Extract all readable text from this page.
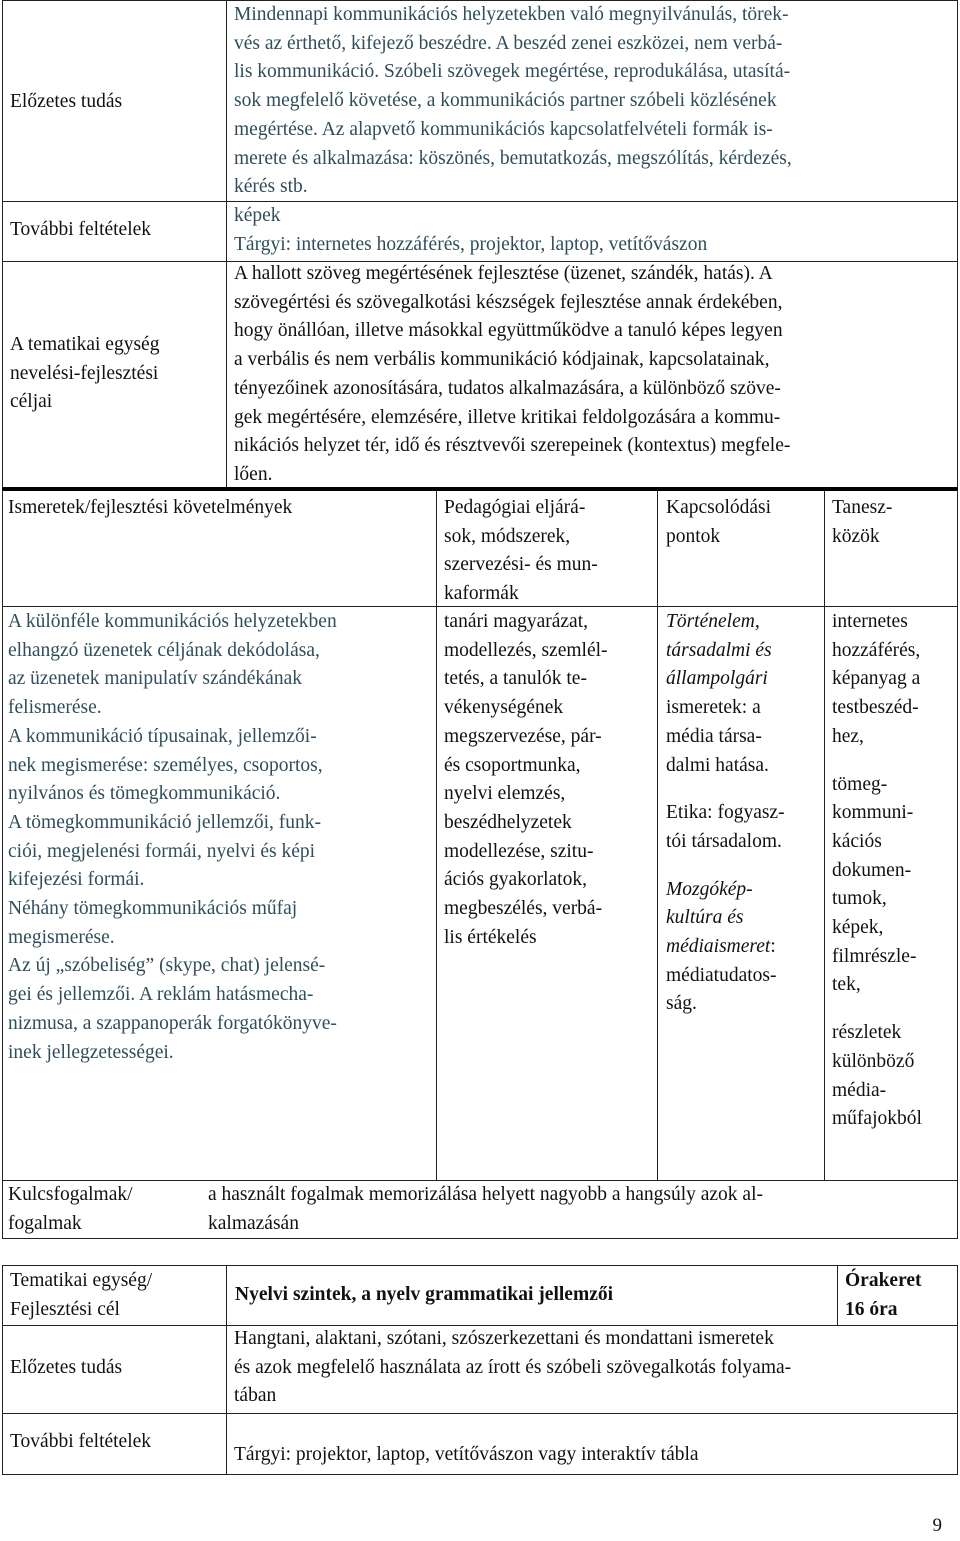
Előzetes tudás
Mindennapi kommunikációs helyzetekben való megnyilvánulás, törek-
vés az érthető, kifejező beszédre. A beszéd zenei eszközei, nem verbá-
lis kommunikáció. Szóbeli szövegek megértése, reprodukálása, utasítá-
sok megfelelő követése, a kommunikációs partner szóbeli közlésének
megértése. Az alapvető kommunikációs kapcsolatfelvételi formák is-
merete és alkalmazása: köszönés, bemutatkozás, megszólítás, kérdezés,
kérés stb.
További feltételek
képek
Tárgyi: internetes hozzáférés, projektor, laptop, vetítővászon
A tematikai egység
nevelési-fejlesztési
céljai
A hallott szöveg megértésének fejlesztése (üzenet, szándék, hatás). A
szövegértési és szövegalkotási készségek fejlesztése annak érdekében,
hogy önállóan, illetve másokkal együttműködve a tanuló képes legyen
a verbális és nem verbális kommunikáció kódjainak, kapcsolatainak,
tényezőinek azonosítására, tudatos alkalmazására, a különböző szöve-
gek megértésére, elemzésére, illetve kritikai feldolgozására a kommu-
nikációs helyzet tér, idő és résztvevői szerepeinek (kontextus) megfele-
lően.
Ismeretek/fejlesztési követelmények	Pedagógiai eljárá-
sok, módszerek,
szervezési- és mun-
kaformák
Kapcsolódási
pontok
Tanesz-
közök
A különféle kommunikációs helyzetekben
elhangzó üzenetek céljának dekódolása,
az üzenetek manipulatív szándékának
felismerése.
A kommunikáció típusainak, jellemzői-
nek megismerése: személyes, csoportos,
nyilvános és tömegkommunikáció.
A tömegkommunikáció jellemzői, funk-
ciói, megjelenési formái, nyelvi és képi
kifejezési formái.
Néhány tömegkommunikációs műfaj
megismerése.
Az új „szóbeliség” (skype, chat) jelensé-
gei és jellemzői. A reklám hatásmecha-
nizmusa, a szappanoperák forgatókönyve-
inek jellegzetességei.
tanári magyarázat,
modellezés, szemlél-
tetés, a tanulók te-
vékenységének
megszervezése, pár-
és csoportmunka,
nyelvi elemzés,
beszédhelyzetek
modellezése, szitu-
ációs gyakorlatok,
megbeszélés, verbá-
lis értékelés
Történelem,
társadalmi és
állampolgári
ismeretek: a
média társa-
dalmi hatása.
Etika: fogyasz-
tói társadalom.
Mozgókép-
kultúra és
médiaismeret:
médiatudatos-
ság.
internetes
hozzáférés,
képanyag a
testbeszéd-
hez,
tömeg-
kommuni-
kációs
dokumen-
tumok,
képek,
filmrészle-
tek,
részletek
különböző
média-
műfajokból
Kulcsfogalmak/
fogalmak
a használt fogalmak memorizálása helyett nagyobb a hangsúly azok al-
kalmazásán
Tematikai egység/
Fejlesztési cél
Nyelvi szintek, a nyelv grammatikai jellemzői
Órakeret
16 óra
Előzetes tudás
Hangtani, alaktani, szótani, szószerkezettani és mondattani ismeretek
és azok megfelelő használata az írott és szóbeli szövegalkotás folyama-
tában
További feltételek
Tárgyi: projektor, laptop, vetítővászon vagy interaktív tábla
9
